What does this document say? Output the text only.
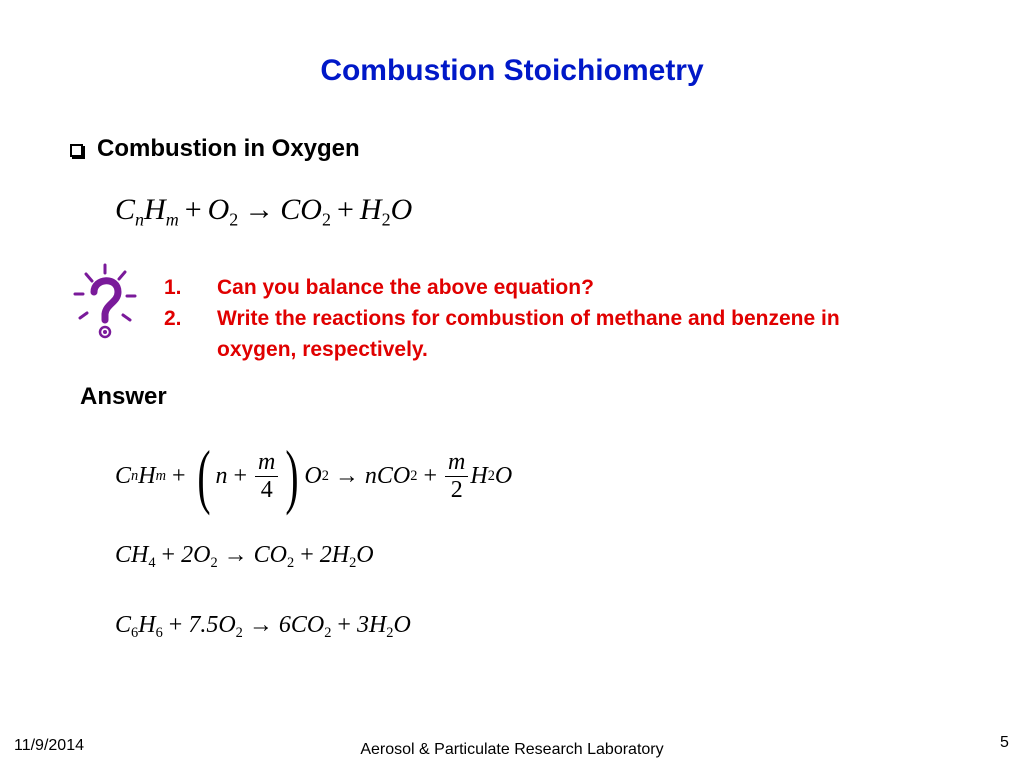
Combustion Stoichiometry
Combustion in Oxygen
$C_nH_m + O_2 \to CO_2 + H_2O$
1.	Can you balance the above equation?
2.	Write the reactions for combustion of methane and benzene in oxygen, respectively.
Answer
C n H m + ( $n + \frac{m}{4}$ ) O 2 → nCO $2 + \frac{m}{2}$ H 2 O
$CH_4 + 2O_2 \to CO_2 + 2H_2O$
$C_6H_6 + 7.5O_2 \to 6CO_2 + 3H_2O$
11/9/2014	Aerosol & Particulate Research Laboratory	5
